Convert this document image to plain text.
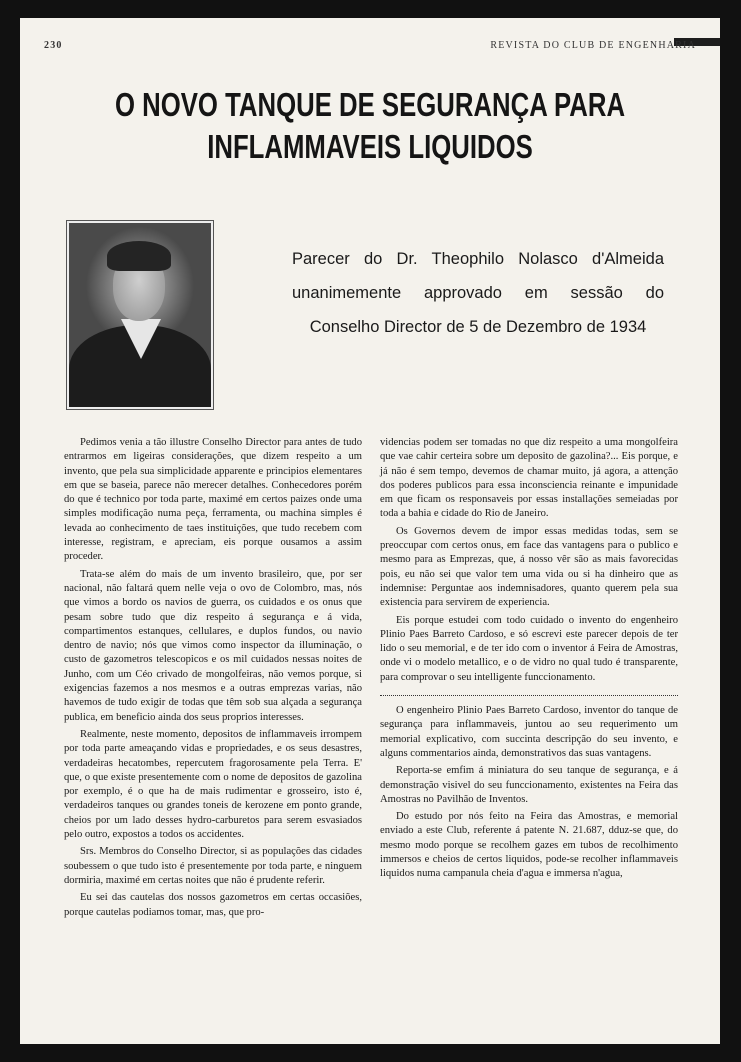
230	REVISTA DO CLUB DE ENGENHARIA
O NOVO TANQUE DE SEGURANÇA PARA
INFLAMMAVEIS LIQUIDOS
Parecer do Dr. Theophilo Nolasco d'Almeida unanimemente approvado em sessão do Conselho Director de 5 de Dezembro de 1934

Pedimos venia a tão illustre Conselho Director para antes de tudo entrarmos em ligeiras considerações, que dizem respeito a um invento, que pela sua simplicidade apparente e principios elementares em que se baseia, parece não merecer detalhes. Conhecedores porém do que é technico por toda parte, maximé em certos paizes onde uma simples modificação numa peça, ferramenta, ou machina simples é levada ao conhecimento de taes instituições, que tudo recebem com interesse, registram, e apreciam, eis porque ousamos a assim proceder.

Trata-se além do mais de um invento brasileiro, que, por ser nacional, não faltará quem nelle veja o ovo de Colombro, mas, nós que vimos a bordo os navios de guerra, os cuidados e os onus que pesam sobre tudo que diz respeito á segurança e á vida, compartimentos estanques, cellulares, e duplos fundos, ou navio dentro de navio; nós que vimos como inspector da illuminação, o custo de gazometros telescopicos e os mil cuidados nessas noites de Junho, com um Céo crivado de mongolfeiras, não vemos porque, si exigencias fazemos a nos mesmos e a outras emprezas varias, não havemos de tudo exigir de todas que têm sob sua alçada a segurança publica, em beneficio ainda dos seus proprios interesses.

Realmente, neste momento, depositos de inflammaveis irrompem por toda parte ameaçando vidas e propriedades, e os seus desastres, verdadeiras hecatombes, repercutem fragorosamente pela Terra. E' que, o que existe presentemente com o nome de depositos de gazolina por exemplo, é o que ha de mais rudimentar e grosseiro, isto é, verdadeiros tanques ou grandes toneis de kerozene em ponto grande, cheios por um lado desses hydro-carburetos para serem esvasiados pelo outro, expostos a todos os accidentes.

Srs. Membros do Conselho Director, si as populações das cidades soubessem o que tudo isto é presentemente por toda parte, e ninguem dormiria, maximé em certas noites que não é prudente referir.

Eu sei das cautelas dos nossos gazometros em certas occasiões, porque cautelas podiamos tomar, mas, que pro-

videncias podem ser tomadas no que diz respeito a uma mongolfeira que vae cahir certeira sobre um deposito de gazolina?... Eis porque, e já não é sem tempo, devemos de chamar muito, já agora, a attenção dos poderes publicos para essa inconsciencia reinante e impunidade em que ficam os responsaveis por essas installações semeiadas por toda a bahia e cidade do Rio de Janeiro.

Os Governos devem de impor essas medidas todas, sem se preoccupar com certos onus, em face das vantagens para o publico e mesmo para as Emprezas, que, á nosso vêr são as mais favorecidas pois, eu não sei que valor tem uma vida ou si ha dinheiro que as indemnise: Perguntae aos indemnisadores, quanto querem pela sua existencia para servirem de experiencia.

Eis porque estudei com todo cuidado o invento do engenheiro Plinio Paes Barreto Cardoso, e só escrevi este parecer depois de ter lido o seu memorial, e de ter ido com o inventor á Feira de Amostras, onde vi o modelo metallico, e o de vidro no qual tudo é transparente, para comprovar o seu intelligente funccionamento.

O engenheiro Plinio Paes Barreto Cardoso, inventor do tanque de segurança para inflammaveis, juntou ao seu requerimento um memorial explicativo, com succinta descripção do seu invento, e alguns commentarios ainda, demonstrativos das suas vantagens.

Reporta-se emfim á miniatura do seu tanque de segurança, e á demonstração visivel do seu funccionamento, existentes na Feira das Amostras no Pavilhão de Inventos.

Do estudo por nós feito na Feira das Amostras, e memorial enviado a este Club, referente á patente N. 21.687, dduz-se que, do mesmo modo porque se recolhem gazes em tubos de recolhimento immersos e cheios de certos liquidos, pode-se recolher inflammaveis liquidos numa campanula cheia d'agua e immersa n'agua,
